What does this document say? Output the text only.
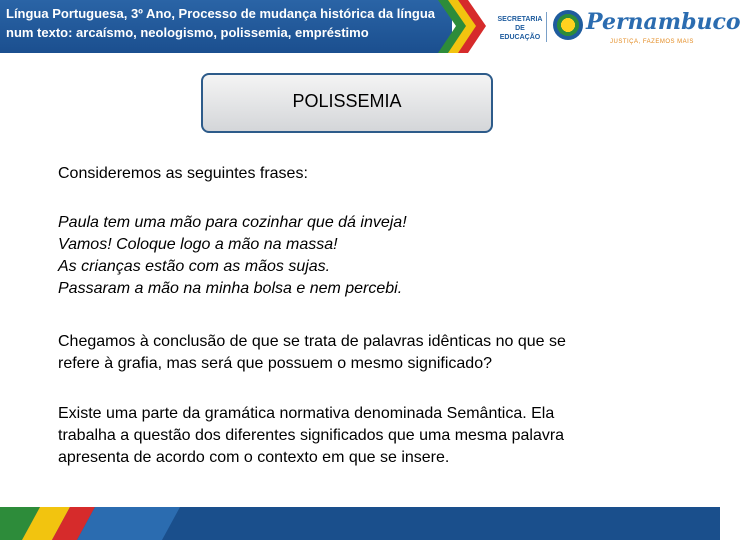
Língua Portuguesa, 3º Ano, Processo de mudança histórica da língua num texto: arcaísmo, neologismo, polissemia, empréstimo
SECRETARIA
DE EDUCAÇÃO
Pernambuco
JUSTIÇA, FAZEMOS MAIS
POLISSEMIA
Consideremos as seguintes frases:
Paula tem uma mão para cozinhar que dá inveja!
Vamos! Coloque logo a mão na massa!
As crianças estão com as mãos sujas.
Passaram a mão na minha bolsa e nem percebi.
Chegamos à conclusão de que se trata de palavras idênticas no que se
refere à grafia, mas será que possuem o mesmo significado?
Existe uma parte da gramática normativa denominada Semântica. Ela
trabalha a questão dos diferentes significados que uma mesma palavra
apresenta de acordo com o contexto em que se insere.
